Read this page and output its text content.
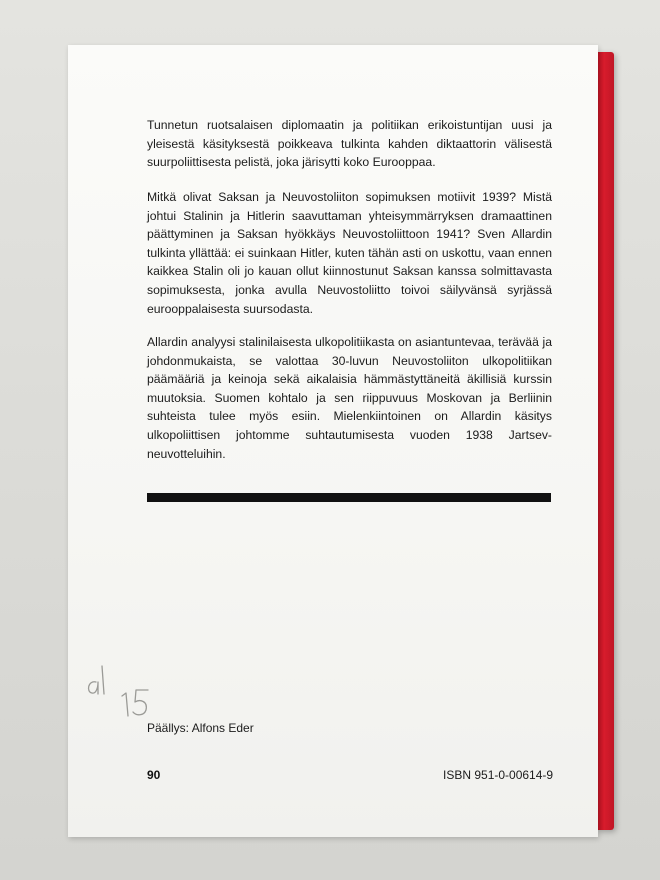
Tunnetun ruotsalaisen diplomaatin ja politiikan erikoistuntijan uusi ja yleisestä käsityksestä poikkeava tulkinta kahden diktaattorin välisestä suurpoliittisesta pelistä, joka järisytti koko Eurooppaa.

Mitkä olivat Saksan ja Neuvostoliiton sopimuksen motiivit 1939? Mistä johtui Stalinin ja Hitlerin saavuttaman yhteisymmärryksen dramaattinen päättyminen ja Saksan hyökkäys Neuvostoliittoon 1941? Sven Allardin tulkinta yllättää: ei suinkaan Hitler, kuten tähän asti on uskottu, vaan ennen kaikkea Stalin oli jo kauan ollut kiinnostunut Saksan kanssa solmittavasta sopimuksesta, jonka avulla Neuvostoliitto toivoi säilyvänsä syrjässä eurooppalaisesta suursodasta.

Allardin analyysi stalinilaisesta ulkopolitiikasta on asiantuntevaa, terävää ja johdonmukaista, se valottaa 30-luvun Neuvostoliiton ulkopolitiikan päämääriä ja keinoja sekä aikalaisia hämmästyttäneitä äkillisiä kurssin muutoksia. Suomen kohtalo ja sen riippuvuus Moskovan ja Berliinin suhteista tulee myös esiin. Mielenkiintoinen on Allardin käsitys ulkopoliittisen johtomme suhtautumisesta vuoden 1938 Jartsev-neuvotteluihin.

Päällys: Alfons Eder
90	ISBN 951-0-00614-9
